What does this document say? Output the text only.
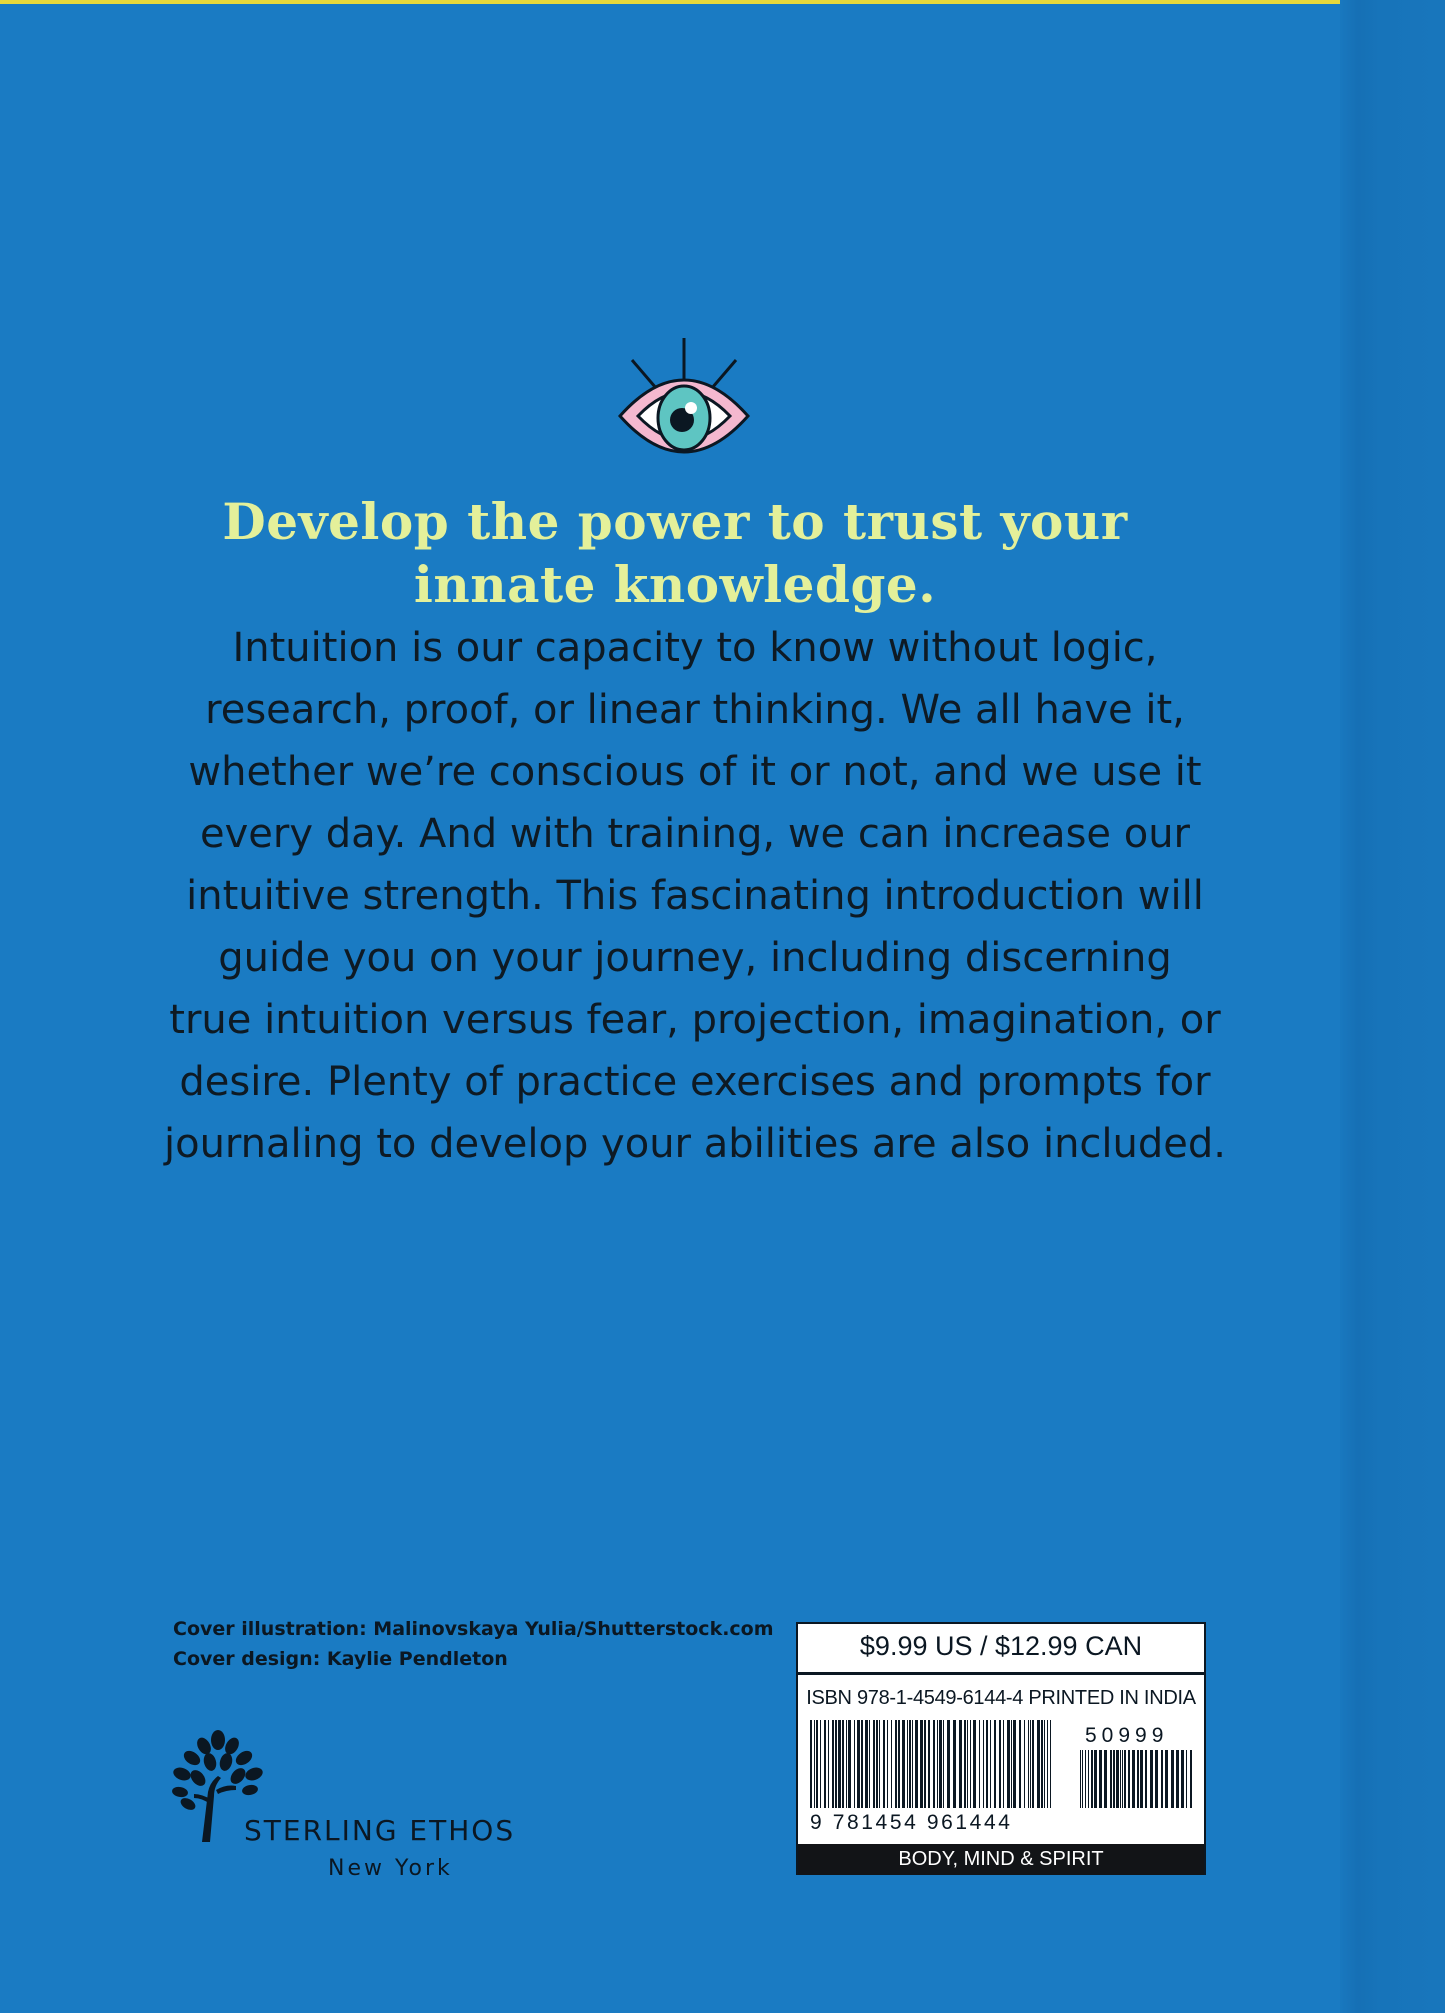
Develop the power to trust your
innate knowledge.
Intuition is our capacity to know without logic,
research, proof, or linear thinking. We all have it,
whether we’re conscious of it or not, and we use it
every day. And with training, we can increase our
intuitive strength. This fascinating introduction will
guide you on your journey, including discerning
true intuition versus fear, projection, imagination, or
desire. Plenty of practice exercises and prompts for
journaling to develop your abilities are also included.
Cover illustration: Malinovskaya Yulia/Shutterstock.com
Cover design: Kaylie Pendleton
STERLING ETHOS
New York
$9.99 US / $12.99 CAN
ISBN 978-1-4549-6144-4 PRINTED IN INDIA
50999
9 781454 961444
BODY, MIND & SPIRIT
